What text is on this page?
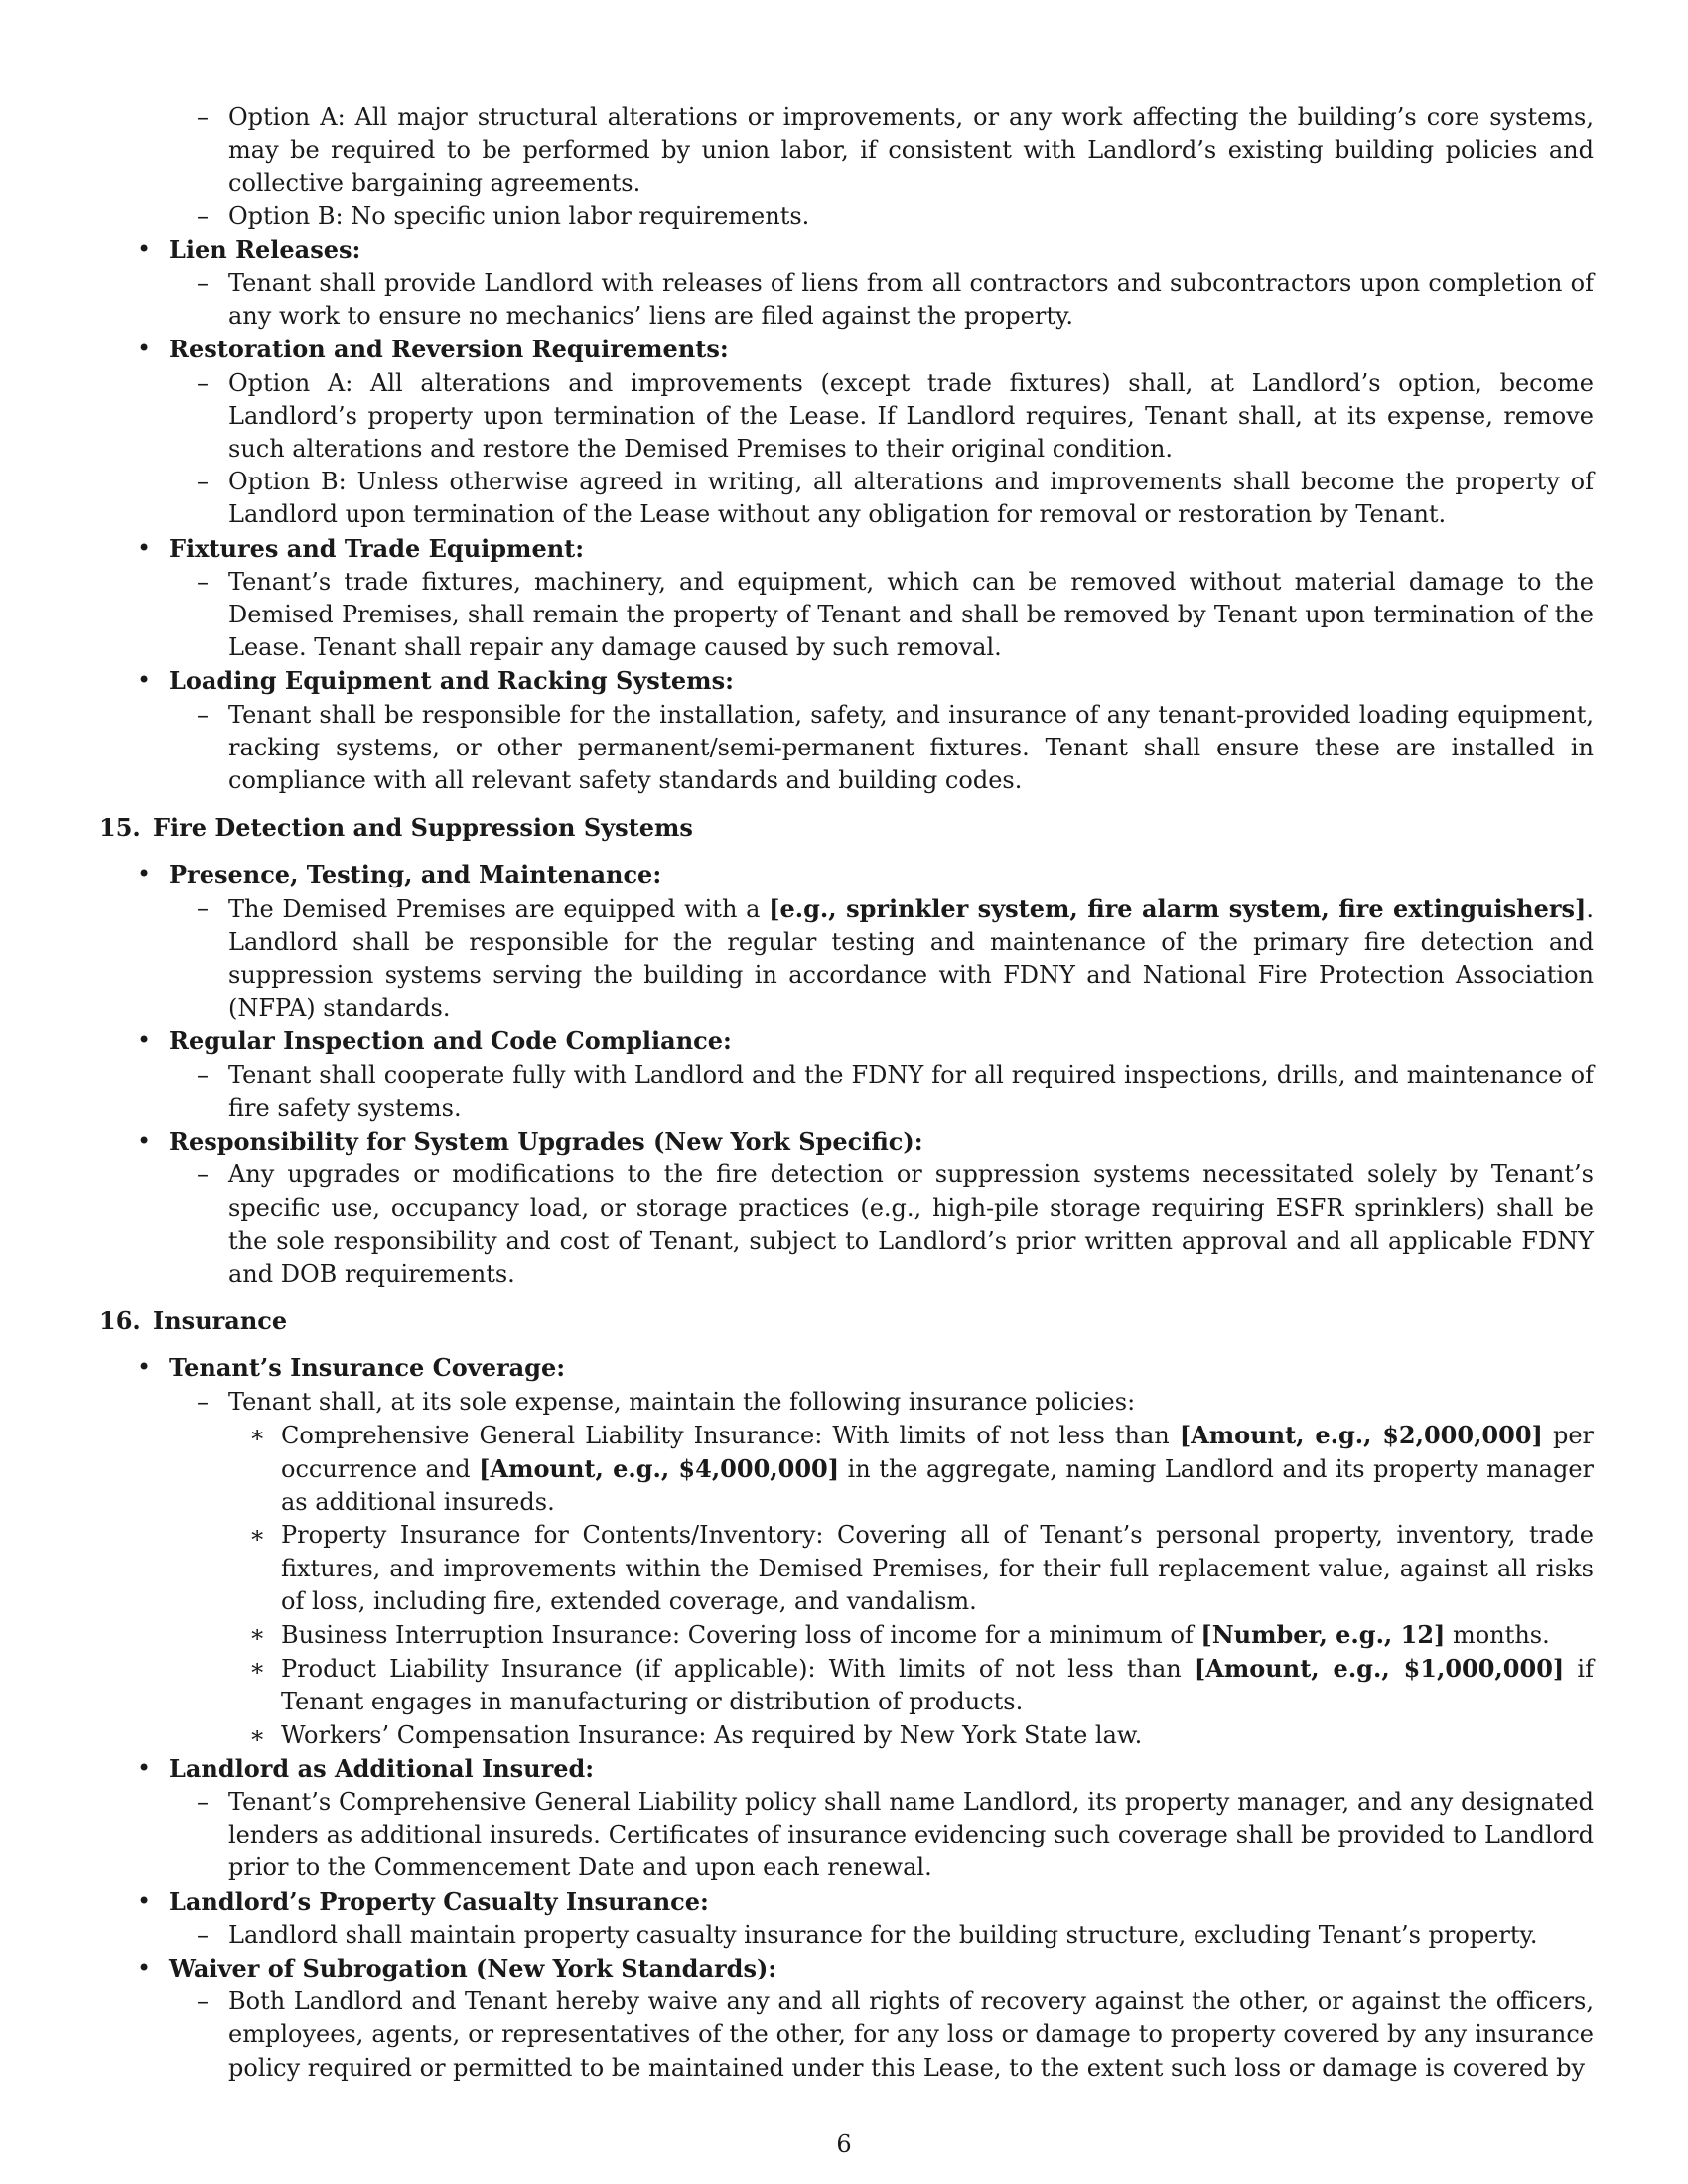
– Option A: All major structural alterations or improvements, or any work affecting the building’s core systems, may be required to be performed by union labor, if consistent with Landlord’s existing building policies and collective bargaining agreements.
– Option B: No specific union labor requirements.
• Lien Releases:
– Tenant shall provide Landlord with releases of liens from all contractors and subcontractors upon completion of any work to ensure no mechanics’ liens are filed against the property.
• Restoration and Reversion Requirements:
– Option A: All alterations and improvements (except trade fixtures) shall, at Landlord’s option, become Landlord’s property upon termination of the Lease. If Landlord requires, Tenant shall, at its expense, remove such alterations and restore the Demised Premises to their original condition.
– Option B: Unless otherwise agreed in writing, all alterations and improvements shall become the property of Landlord upon termination of the Lease without any obligation for removal or restoration by Tenant.
• Fixtures and Trade Equipment:
– Tenant’s trade fixtures, machinery, and equipment, which can be removed without material damage to the Demised Premises, shall remain the property of Tenant and shall be removed by Tenant upon termination of the Lease. Tenant shall repair any damage caused by such removal.
• Loading Equipment and Racking Systems:
– Tenant shall be responsible for the installation, safety, and insurance of any tenant-provided loading equipment, racking systems, or other permanent/semi-permanent fixtures. Tenant shall ensure these are installed in compliance with all relevant safety standards and building codes.
15. Fire Detection and Suppression Systems
• Presence, Testing, and Maintenance:
– The Demised Premises are equipped with a [e.g., sprinkler system, fire alarm system, fire extinguishers]. Landlord shall be responsible for the regular testing and maintenance of the primary fire detection and suppression systems serving the building in accordance with FDNY and National Fire Protection Association (NFPA) standards.
• Regular Inspection and Code Compliance:
– Tenant shall cooperate fully with Landlord and the FDNY for all required inspections, drills, and maintenance of fire safety systems.
• Responsibility for System Upgrades (New York Specific):
– Any upgrades or modifications to the fire detection or suppression systems necessitated solely by Tenant’s specific use, occupancy load, or storage practices (e.g., high-pile storage requiring ESFR sprinklers) shall be the sole responsibility and cost of Tenant, subject to Landlord’s prior written approval and all applicable FDNY and DOB requirements.
16. Insurance
• Tenant’s Insurance Coverage:
– Tenant shall, at its sole expense, maintain the following insurance policies:
∗ Comprehensive General Liability Insurance: With limits of not less than [Amount, e.g., $2,000,000] per occurrence and [Amount, e.g., $4,000,000] in the aggregate, naming Landlord and its property manager as additional insureds.
∗ Property Insurance for Contents/Inventory: Covering all of Tenant’s personal property, inventory, trade fixtures, and improvements within the Demised Premises, for their full replacement value, against all risks of loss, including fire, extended coverage, and vandalism.
∗ Business Interruption Insurance: Covering loss of income for a minimum of [Number, e.g., 12] months.
∗ Product Liability Insurance (if applicable): With limits of not less than [Amount, e.g., $1,000,000] if Tenant engages in manufacturing or distribution of products.
∗ Workers’ Compensation Insurance: As required by New York State law.
• Landlord as Additional Insured:
– Tenant’s Comprehensive General Liability policy shall name Landlord, its property manager, and any designated lenders as additional insureds. Certificates of insurance evidencing such coverage shall be provided to Landlord prior to the Commencement Date and upon each renewal.
• Landlord’s Property Casualty Insurance:
– Landlord shall maintain property casualty insurance for the building structure, excluding Tenant’s property.
• Waiver of Subrogation (New York Standards):
– Both Landlord and Tenant hereby waive any and all rights of recovery against the other, or against the officers, employees, agents, or representatives of the other, for any loss or damage to property covered by any insurance policy required or permitted to be maintained under this Lease, to the extent such loss or damage is covered by
6
